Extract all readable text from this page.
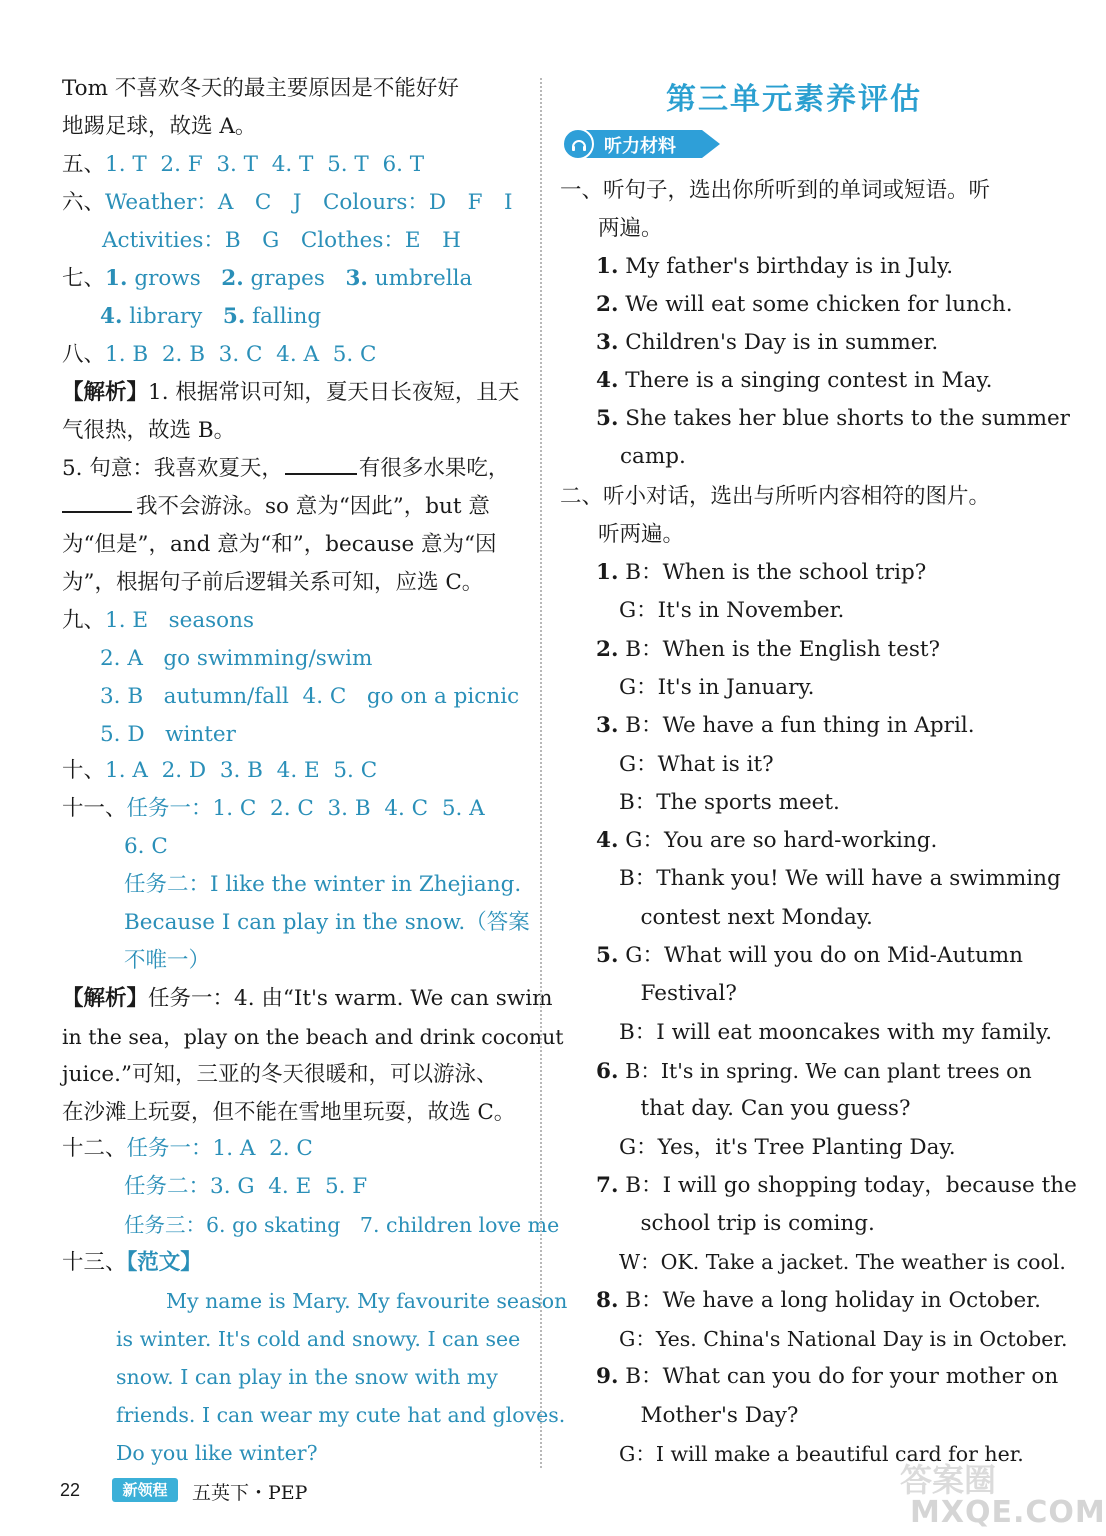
Tom 不喜欢冬天的最主要原因是不能好好
地踢足球，故选 A。
五、1. T 2. F 3. T 4. T 5. T 6. T
六、Weather：A　C　J　Colours：D　F　I
Activities：B　G　Clothes：E　H
七、1. grows 2. grapes 3. umbrella
4. library 5. falling
八、1. B 2. B 3. C 4. A 5. C
【解析】1. 根据常识可知，夏天日长夜短，且天
气很热，故选 B。
5. 句意：我喜欢夏天，	有很多水果吃，
我不会游泳。so 意为“因此”，but 意
为“但是”，and 意为“和”，because 意为“因
为”，根据句子前后逻辑关系可知，应选 C。
九、1. E seasons
2. A go swimming/swim
3. B autumn/fall 4. C go on a picnic
5. D winter
十、1. A 2. D 3. B 4. E 5. C
十一、任务一：1. C 2. C 3. B 4. C 5. A
6. C
任务二：I like the winter in Zhejiang.
Because I can play in the snow.（答案
不唯一）
【解析】任务一：4. 由“It's warm. We can swim
in the sea，play on the beach and drink coconut
juice.”可知，三亚的冬天很暖和，可以游泳、
在沙滩上玩耍，但不能在雪地里玩耍，故选 C。
十二、任务一：1. A 2. C
任务二：3. G 4. E 5. F
任务三：6. go skating 7. children love me
十三、【范文】
My name is Mary. My favourite season
is winter. It's cold and snowy. I can see
snow. I can play in the snow with my
friends. I can wear my cute hat and gloves.
Do you like winter?
第三单元素养评估
听力材料
一、听句子，选出你所听到的单词或短语。听
两遍。
1. My father's birthday is in July.
2. We will eat some chicken for lunch.
3. Children's Day is in summer.
4. There is a singing contest in May.
5. She takes her blue shorts to the summer
camp.
二、听小对话，选出与所听内容相符的图片。
听两遍。
1. B：When is the school trip?
G：It's in November.
2. B：When is the English test?
G：It's in January.
3. B：We have a fun thing in April.
G：What is it?
B：The sports meet.
4. G：You are so hard-working.
B：Thank you! We will have a swimming
　contest next Monday.
5. G：What will you do on Mid-Autumn
　Festival?
B：I will eat mooncakes with my family.
6. B：It's in spring. We can plant trees on
　that day. Can you guess?
G：Yes，it's Tree Planting Day.
7. B：I will go shopping today，because the
　school trip is coming.
W：OK. Take a jacket. The weather is cool.
8. B：We have a long holiday in October.
G：Yes. China's National Day is in October.
9. B：What can you do for your mother on
　Mother's Day?
G：I will make a beautiful card for her.
22	新领程	五英下・PEP	答案圈
MXQE.COM
